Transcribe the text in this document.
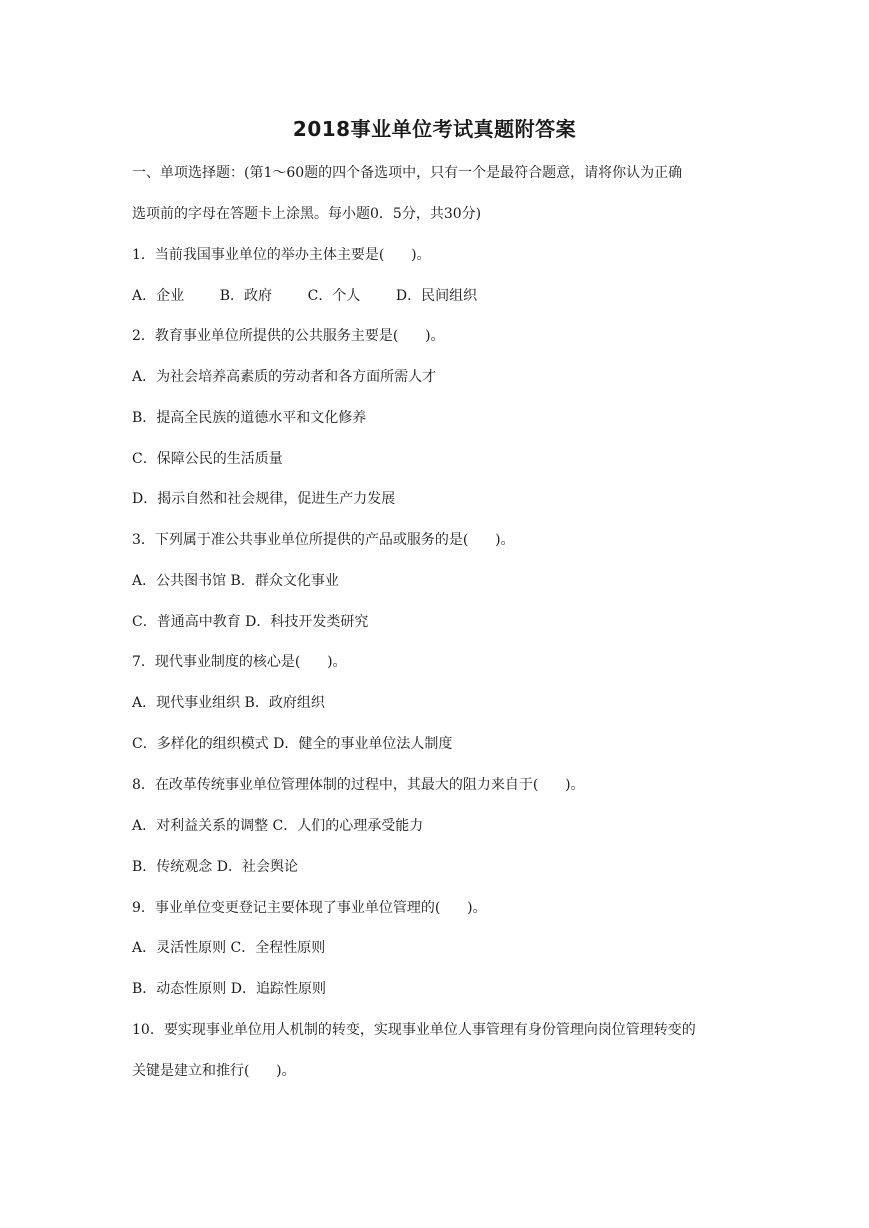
2018事业单位考试真题附答案
一、单项选择题：(第1～60题的四个备选项中，只有一个是最符合题意，请将你认为正确
选项前的字母在答题卡上涂黑。每小题0．5分，共30分)
1．当前我国事业单位的举办主体主要是(      )。
A．企业        B．政府        C．个人        D．民间组织
2．教育事业单位所提供的公共服务主要是(      )。
A．为社会培养高素质的劳动者和各方面所需人才
B．提高全民族的道德水平和文化修养
C．保障公民的生活质量
D．揭示自然和社会规律，促进生产力发展
3．下列属于准公共事业单位所提供的产品或服务的是(      )。
A．公共图书馆 B．群众文化事业
C．普通高中教育 D．科技开发类研究
7．现代事业制度的核心是(      )。
A．现代事业组织 B．政府组织
C．多样化的组织模式 D．健全的事业单位法人制度
8．在改革传统事业单位管理体制的过程中，其最大的阻力来自于(      )。
A．对利益关系的调整 C．人们的心理承受能力
B．传统观念 D．社会舆论
9．事业单位变更登记主要体现了事业单位管理的(      )。
A．灵活性原则 C．全程性原则
B．动态性原则 D．追踪性原则
10．要实现事业单位用人机制的转变，实现事业单位人事管理有身份管理向岗位管理转变的
关键是建立和推行(      )。
